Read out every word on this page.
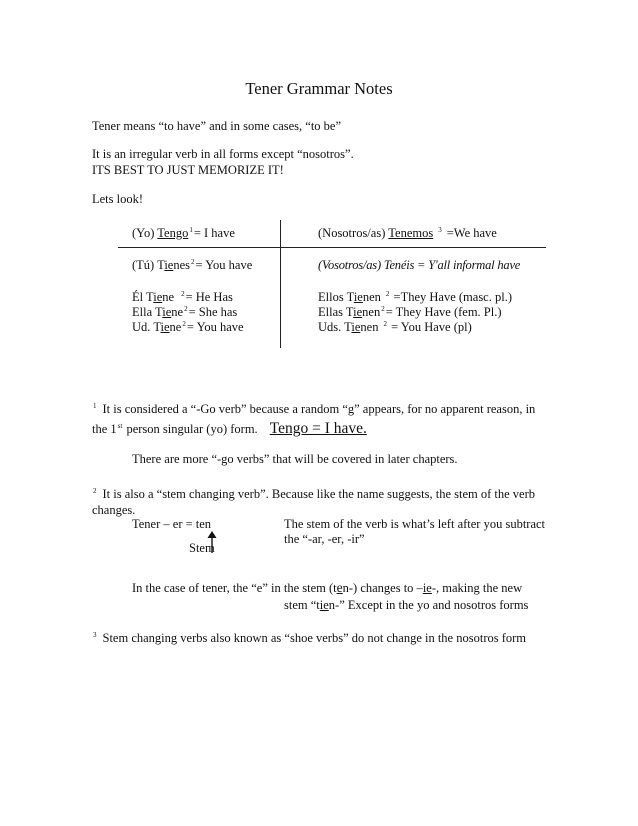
Tener Grammar Notes
Tener means “to have” and in some cases, “to be”
It is an irregular verb in all forms except “nosotros”.
ITS BEST TO JUST MEMORIZE IT!
Lets look!
(Yo) Tengo$^1$= I have	(Nosotros/as) Tenemos $^3$ =We have
(Tú) Tienes$^2$= You have	(Vosotros/as) Tenéis = Y'all informal have
Él Tiene $^2$= He Has
Ella Tiene$^2$= She has
Ud. Tiene$^2$= You have
Ellos Tienen $^2$ =They Have (masc. pl.)
Ellas Tienen$^2$= They Have (fem. Pl.)
Uds. Tienen $^2$ = You Have (pl)
$^1$ It is considered a “-Go verb” because a random “g” appears, for no apparent reason, in
the 1st person singular (yo) form. Tengo = I have.
There are more “-go verbs” that will be covered in later chapters.
$^2$ It is also a “stem changing verb”. Because like the name suggests, the stem of the verb
changes.
Tener – er = ten
Stem
The stem of the verb is what’s left after you subtract
the “-ar, -er, -ir”
In the case of tener, the “e” in the stem (ten-) changes to –ie-, making the new
stem “tien-” Except in the yo and nosotros forms
$^3$ Stem changing verbs also known as “shoe verbs” do not change in the nosotros form
